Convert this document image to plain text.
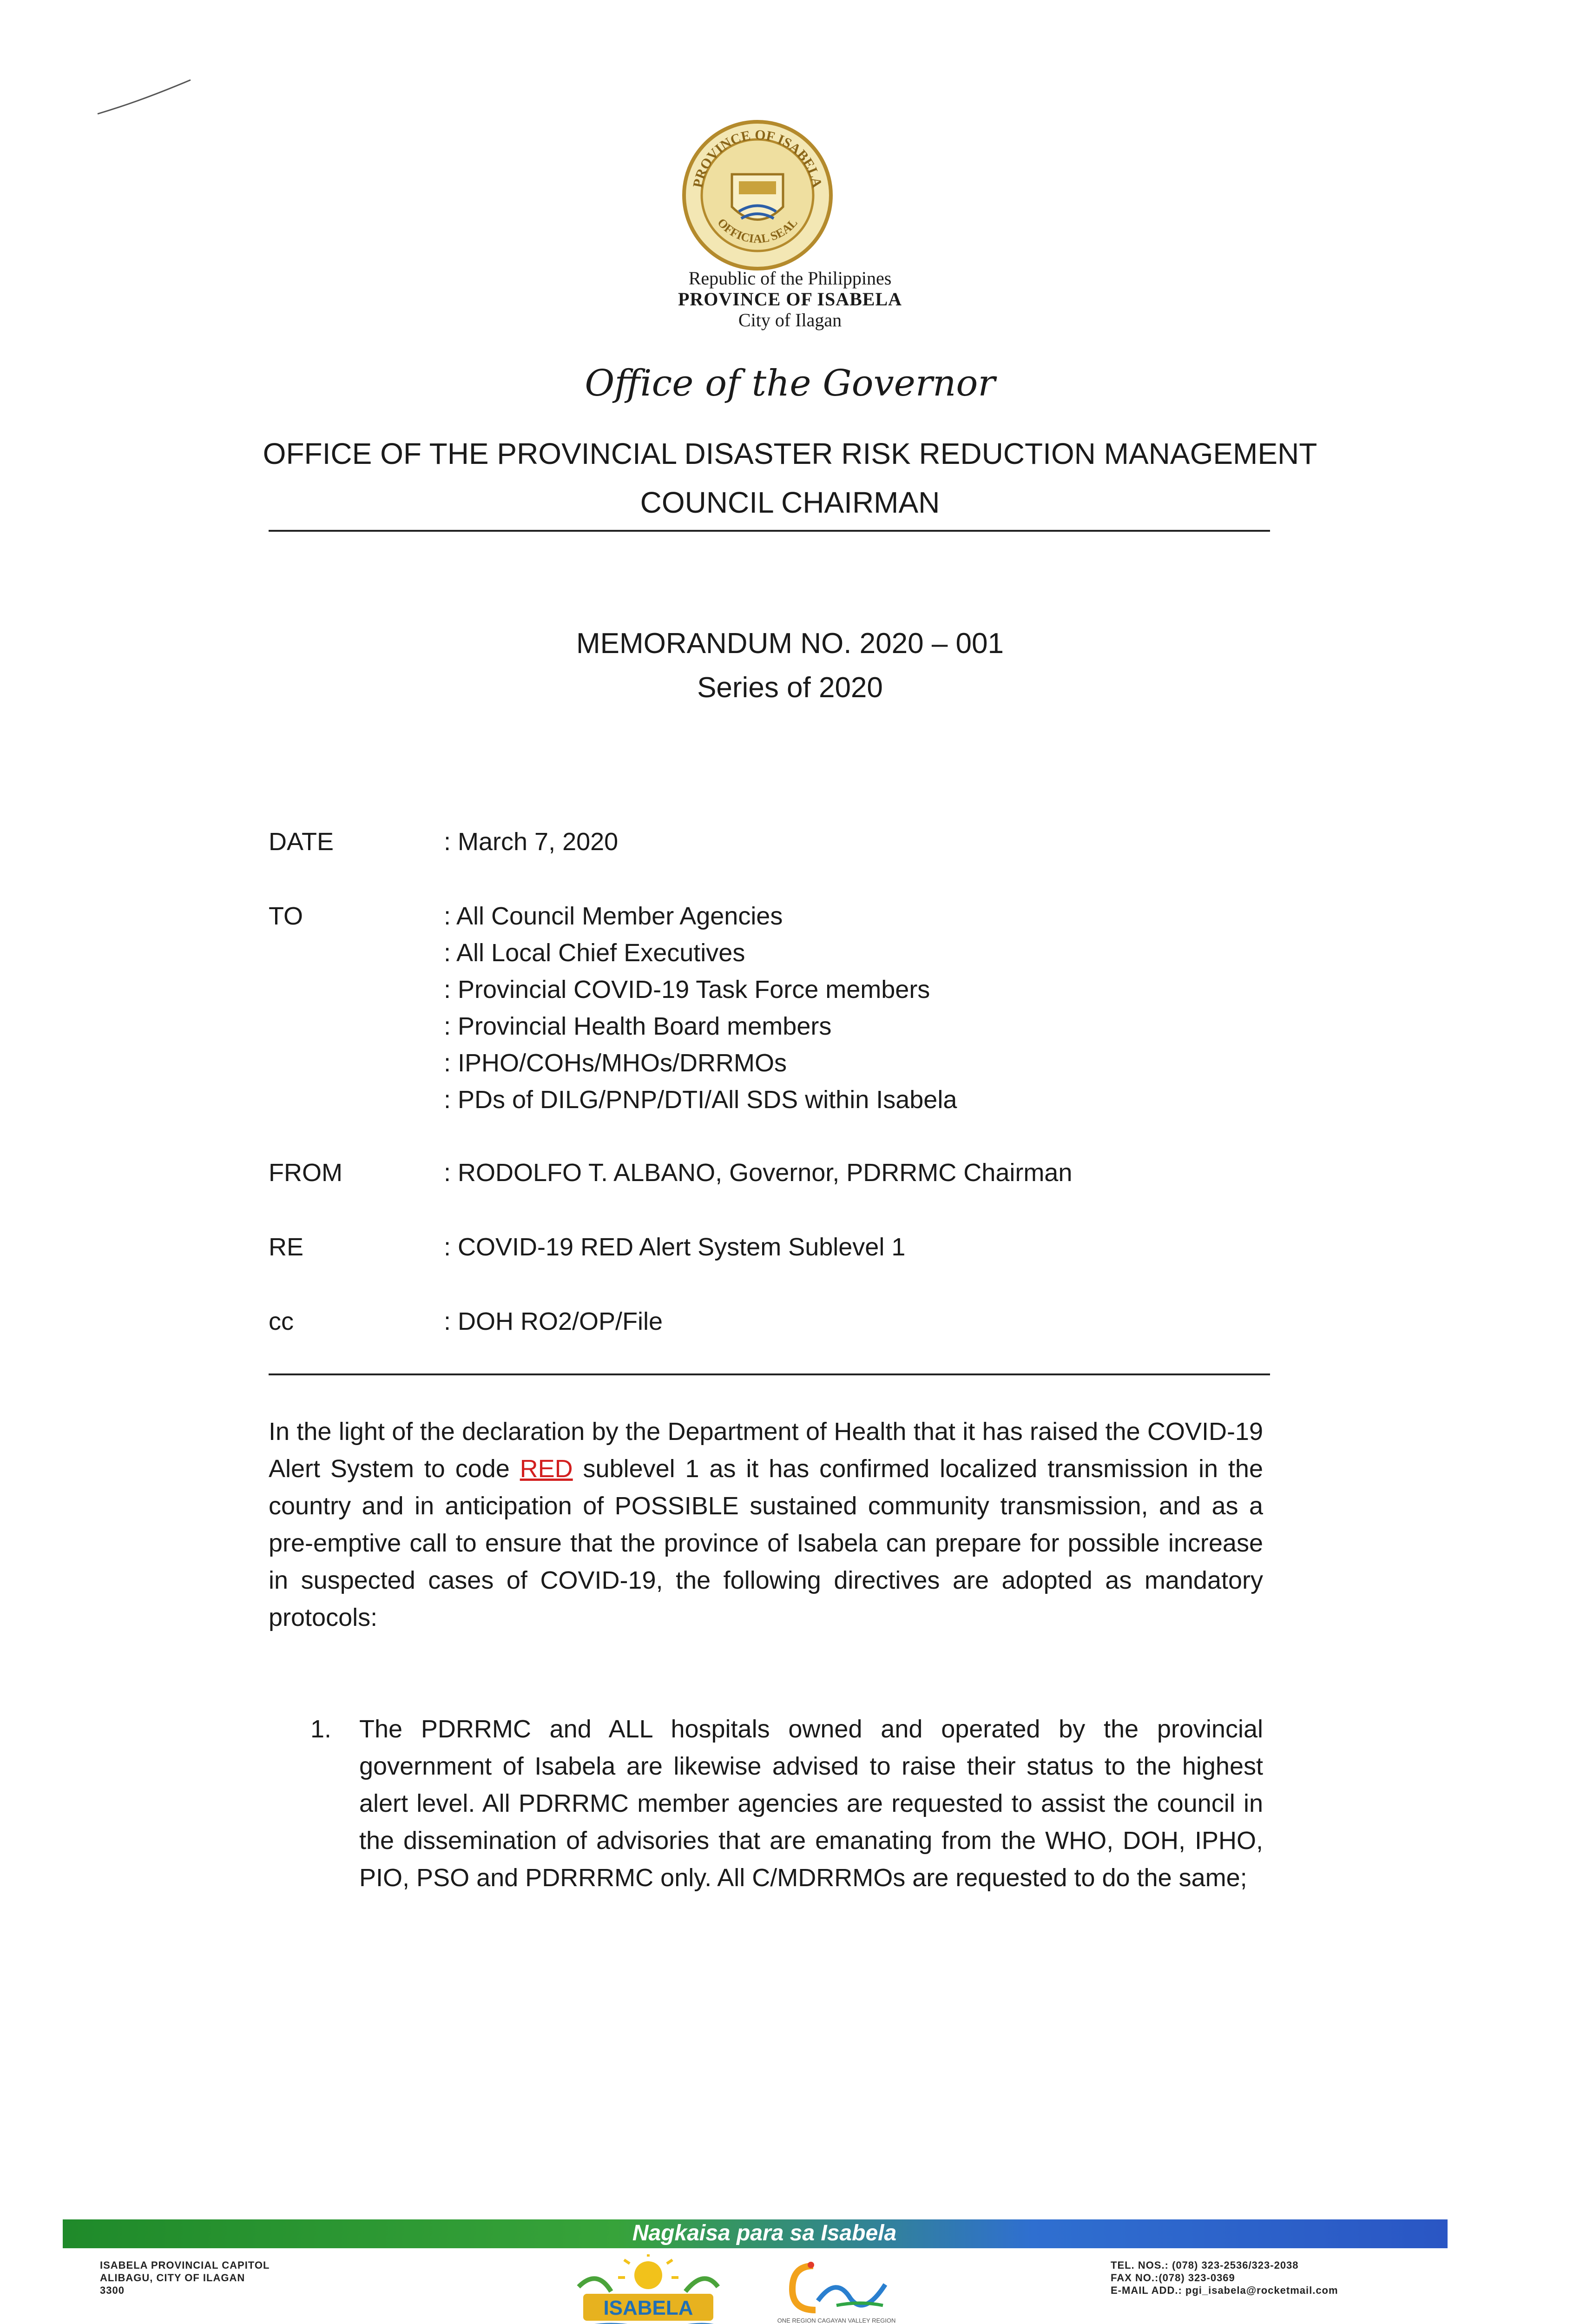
PROVINCE OF ISABELA
OFFICIAL SEAL
Republic of the Philippines
PROVINCE OF ISABELA
City of Ilagan
Office of the Governor
OFFICE OF THE PROVINCIAL DISASTER RISK REDUCTION MANAGEMENT
COUNCIL CHAIRMAN
MEMORANDUM NO. 2020 – 001
Series of 2020
DATE	: March 7, 2020
TO	: All Council Member Agencies
: All Local Chief Executives
: Provincial COVID-19 Task Force members
: Provincial Health Board members
: IPHO/COHs/MHOs/DRRMOs
: PDs of DILG/PNP/DTI/All SDS within Isabela
FROM	: RODOLFO T. ALBANO, Governor, PDRRMC Chairman
RE	: COVID-19 RED Alert System Sublevel 1
cc	: DOH RO2/OP/File
In the light of the declaration by the Department of Health that it has raised the COVID-19 Alert System to code RED sublevel 1 as it has confirmed localized transmission in the country and in anticipation of POSSIBLE sustained community transmission, and as a pre-emptive call to ensure that the province of Isabela can prepare for possible increase in suspected cases of COVID-19, the following directives are adopted as mandatory protocols:
1. The PDRRMC and ALL hospitals owned and operated by the provincial government of Isabela are likewise advised to raise their status to the highest alert level. All PDRRMC member agencies are requested to assist the council in the dissemination of advisories that are emanating from the WHO, DOH, IPHO, PIO, PSO and PDRRRMC only. All C/MDRRMOs are requested to do the same;
Nagkaisa para sa Isabela
ISABELA PROVINCIAL CAPITOL
ALIBAGU, CITY OF ILAGAN
3300
ISABELA
ONE REGION CAGAYAN VALLEY REGION
TEL. NOS.: (078) 323-2536/323-2038
FAX NO.:(078) 323-0369
E-MAIL ADD.: pgi_isabela@rocketmail.com
